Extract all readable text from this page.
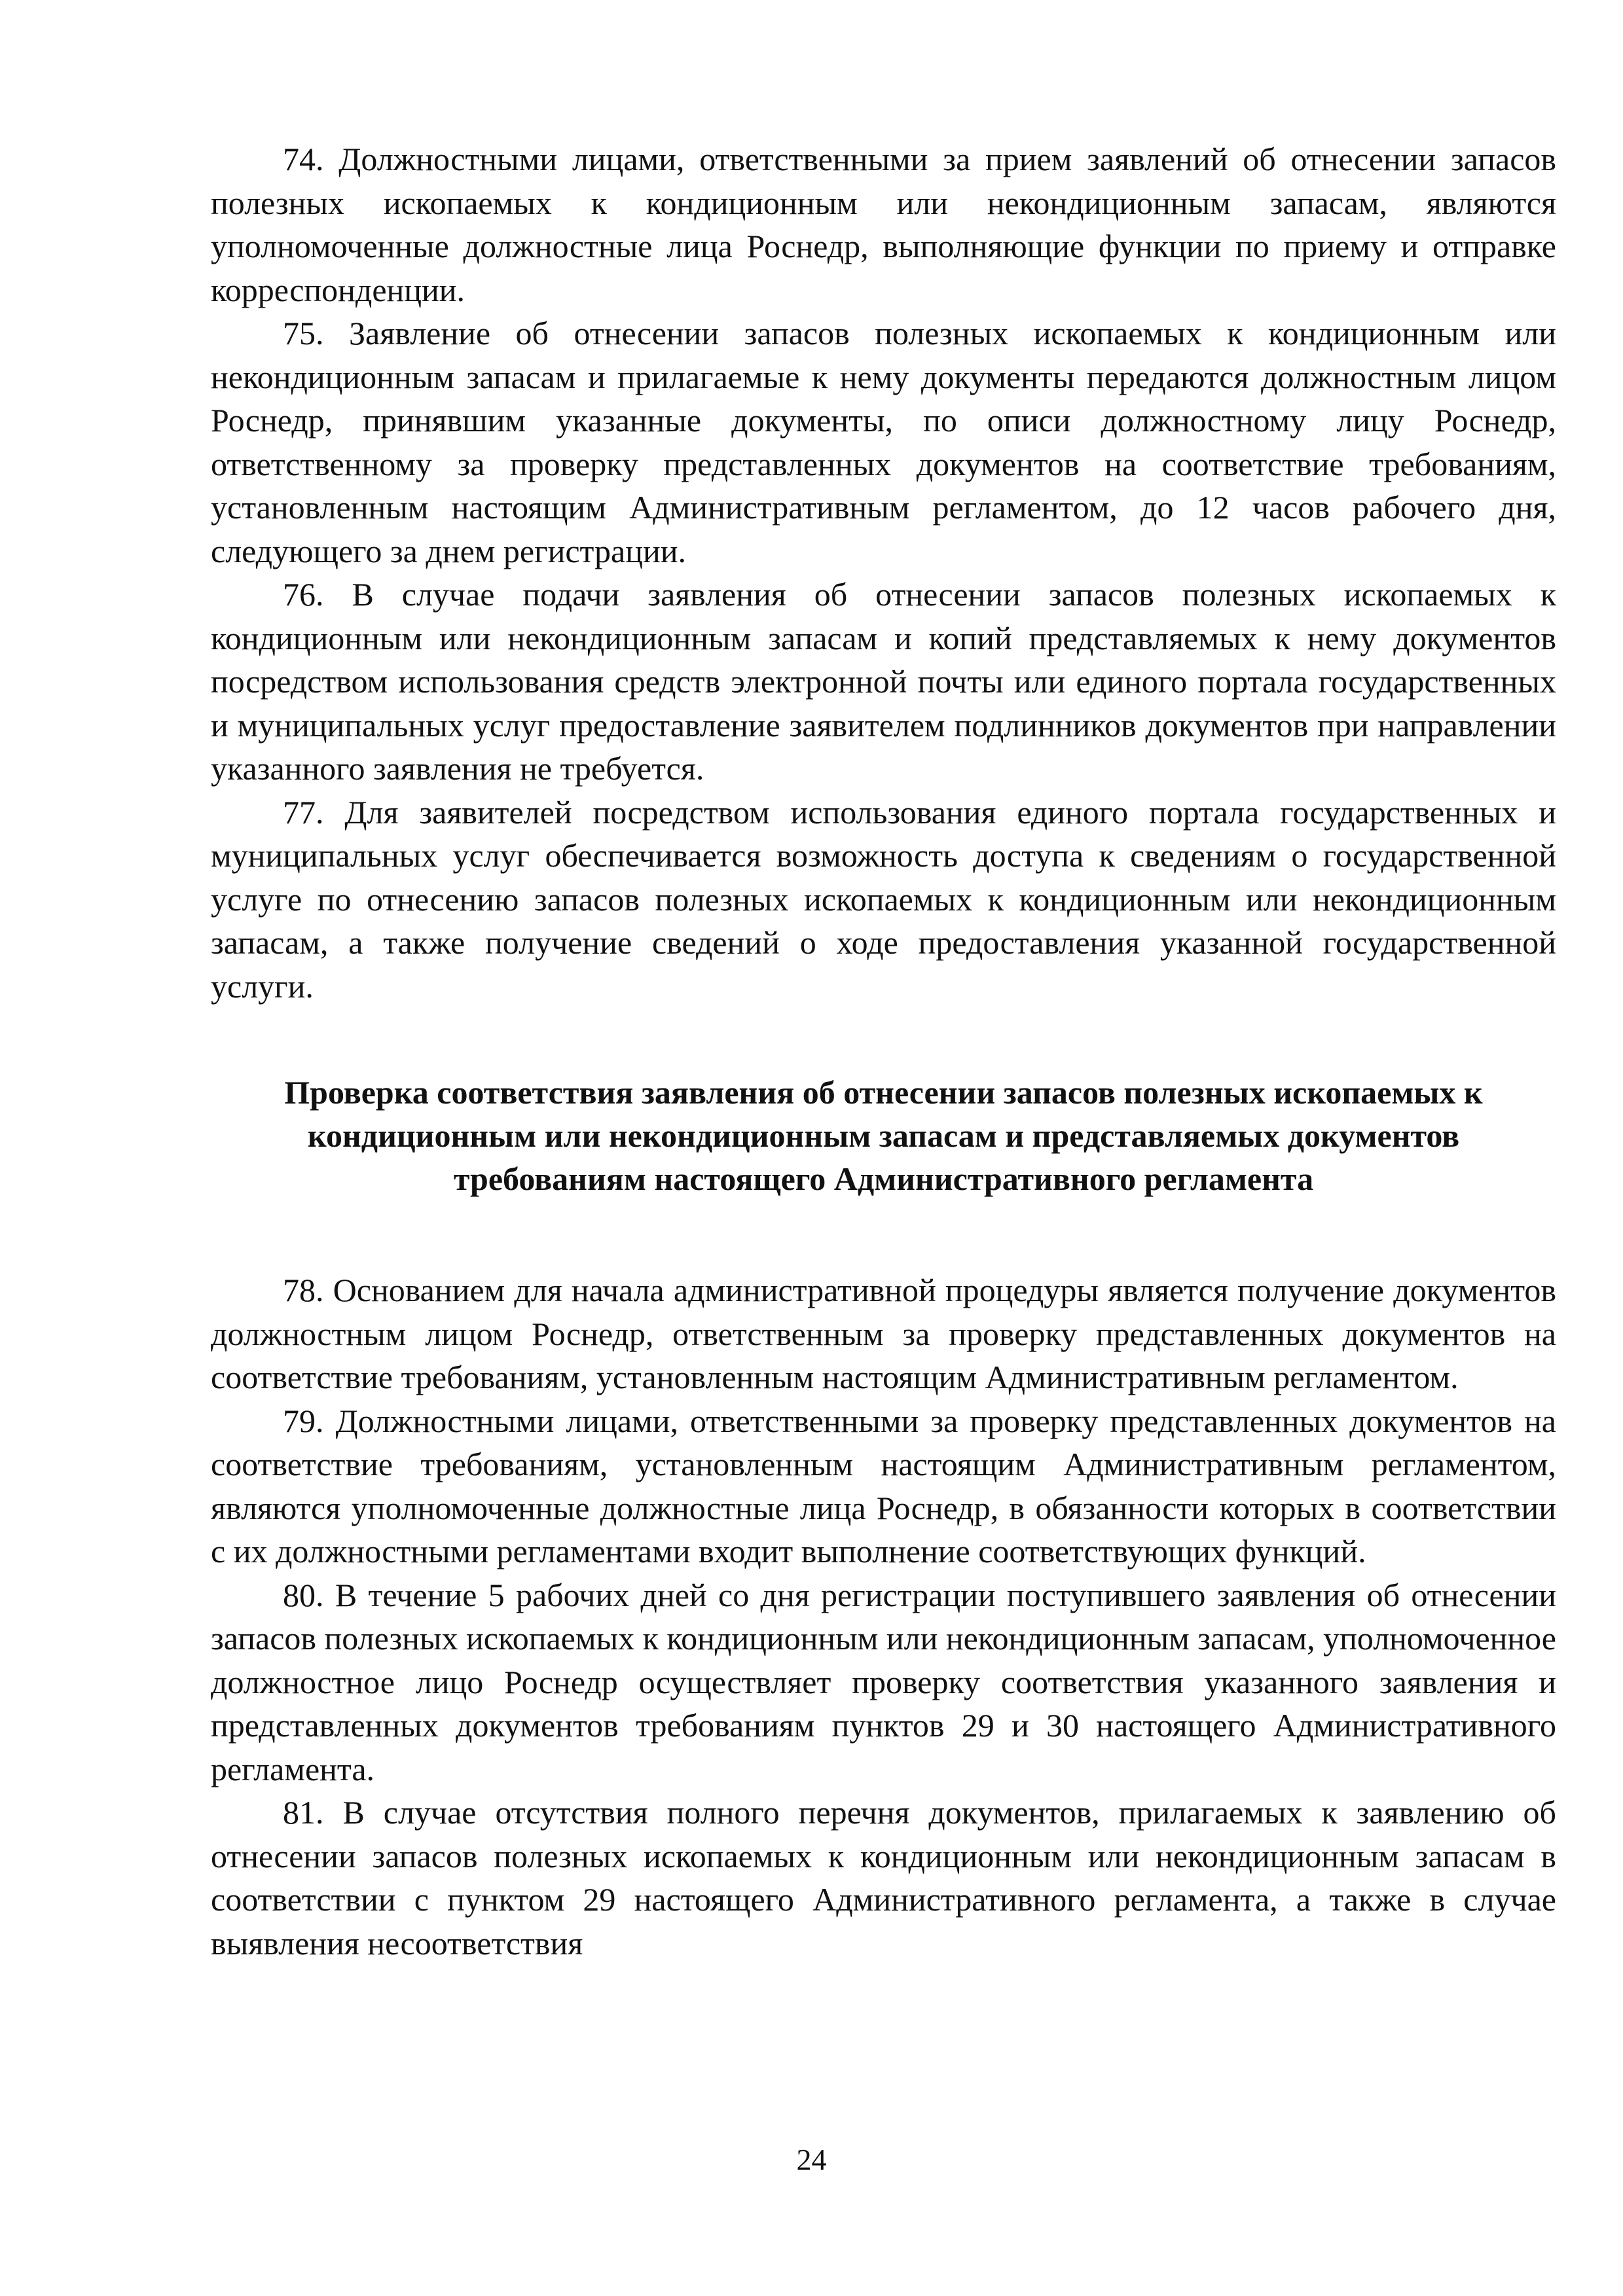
74. Должностными лицами, ответственными за прием заявлений об отнесении запасов полезных ископаемых к кондиционным или некондиционным запасам, являются уполномоченные должностные лица Роснедр, выполняющие функции по приему и отправке корреспонденции.

75. Заявление об отнесении запасов полезных ископаемых к кондиционным или некондиционным запасам и прилагаемые к нему документы передаются должностным лицом Роснедр, принявшим указанные документы, по описи должностному лицу Роснедр, ответственному за проверку представленных документов на соответствие требованиям, установленным настоящим Административным регламентом, до 12 часов рабочего дня, следующего за днем регистрации.

76. В случае подачи заявления об отнесении запасов полезных ископаемых к кондиционным или некондиционным запасам и копий представляемых к нему документов посредством использования средств электронной почты или единого портала государственных и муниципальных услуг предоставление заявителем подлинников документов при направлении указанного заявления не требуется.

77. Для заявителей посредством использования единого портала государственных и муниципальных услуг обеспечивается возможность доступа к сведениям о государственной услуге по отнесению запасов полезных ископаемых к кондиционным или некондиционным запасам, а также получение сведений о ходе предоставления указанной государственной услуги.

Проверка соответствия заявления об отнесении запасов полезных ископаемых к кондиционным или некондиционным запасам и представляемых документов требованиям настоящего Административного регламента

78. Основанием для начала административной процедуры является получение документов должностным лицом Роснедр, ответственным за проверку представленных документов на соответствие требованиям, установленным настоящим Административным регламентом.

79. Должностными лицами, ответственными за проверку представленных документов на соответствие требованиям, установленным настоящим Административным регламентом, являются уполномоченные должностные лица Роснедр, в обязанности которых в соответствии с их должностными регламентами входит выполнение соответствующих функций.

80. В течение 5 рабочих дней со дня регистрации поступившего заявления об отнесении запасов полезных ископаемых к кондиционным или некондиционным запасам, уполномоченное должностное лицо Роснедр осуществляет проверку соответствия указанного заявления и представленных документов требованиям пунктов 29 и 30 настоящего Административного регламента.

81. В случае отсутствия полного перечня документов, прилагаемых к заявлению об отнесении запасов полезных ископаемых к кондиционным или некондиционным запасам в соответствии с пунктом 29 настоящего Административного регламента, а также в случае выявления несоответствия

24
